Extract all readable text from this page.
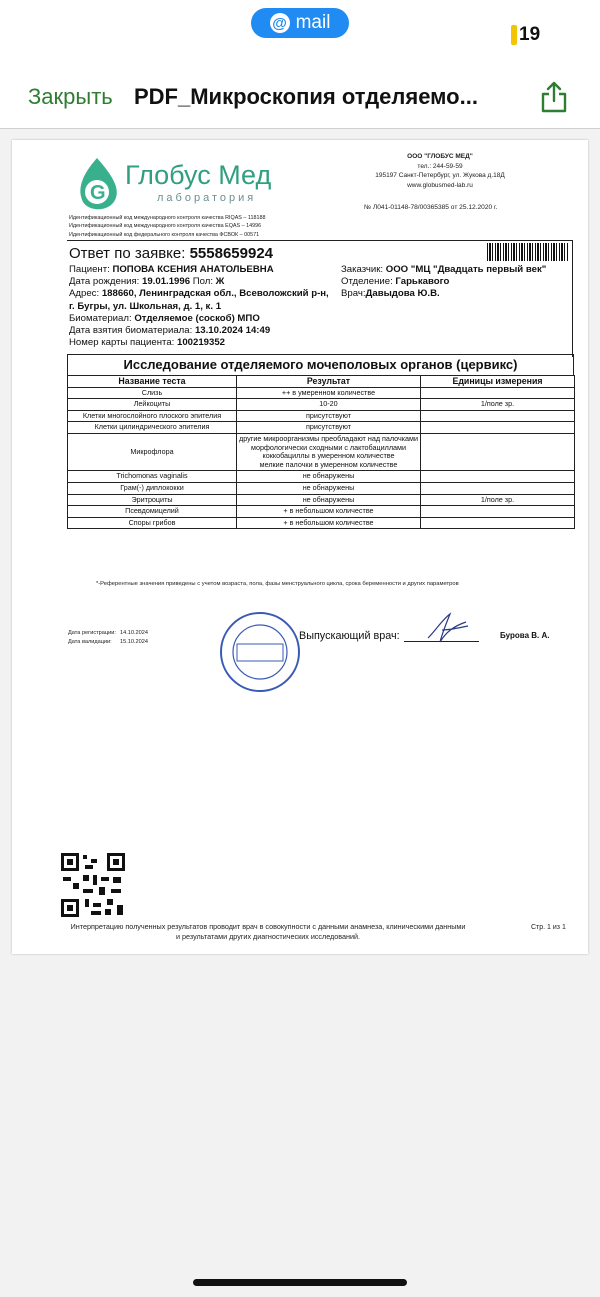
@ mail
19
Закрыть PDF_Микроскопия отделяемо...
G
Глобус Мед
лаборатория
Идентификационный код международного контроля качества RIQAS – 118188
Идентификационный код международного контроля качества EQAS – 14996
Идентификационный код федерального контроля качества ФСВОК – 00571
ООО "ГЛОБУС МЕД"
тел.: 244-59-59
195197 Санкт-Петербург, ул. Жукова д.18Д
www.globusmed-lab.ru
№ Л041-01148-78/00365385 от 25.12.2020 г.
Ответ по заявке: 5558659924
Пациент: ПОПОВА КСЕНИЯ АНАТОЛЬЕВНА
Дата рождения: 19.01.1996 Пол: Ж
Адрес: 188660, Ленинградская обл., Всеволожский р-н, г. Бугры, ул. Школьная, д. 1, к. 1
Биоматериал: Отделяемое (соскоб) МПО
Дата взятия биоматериала: 13.10.2024 14:49
Номер карты пациента: 100219352
Заказчик: ООО "МЦ "Двадцать первый век"
Отделение: Гарькавого
Врач:Давыдова Ю.В.
Исследование отделяемого мочеполовых органов (цервикс)
Название теста	Результат	Единицы измерения
Слизь	++ в умеренном количестве	
Лейкоциты	10-20	1/поле зр.
Клетки многослойного плоского эпителия	присутствуют	
Клетки цилиндрического эпителия	присутствуют	
Микрофлора	другие микроорганизмы преобладают над палочками морфологически сходными с лактобациллами
коккобациллы в умеренном количестве
мелкие палочки в умеренном количестве	
Trichomonas vaginalis	не обнаружены	
Грам(-) диплококки	не обнаружены	
Эритроциты	не обнаружены	1/поле зр.
Псевдомицелий	+ в небольшом количестве	
Споры грибов	+ в небольшом количестве	
*-Референтные значения приведены с учетом возраста, пола, фазы менструального цикла, срока беременности и других параметров
Дата регистрации: 14.10.2024
Дата валидации: 15.10.2024	Выпускающий врач:	Бурова В. А.
Интерпретацию полученных результатов проводит врач в совокупности с данными анамнеза, клиническими данными и результатами других диагностических исследований.
Стр. 1 из 1
